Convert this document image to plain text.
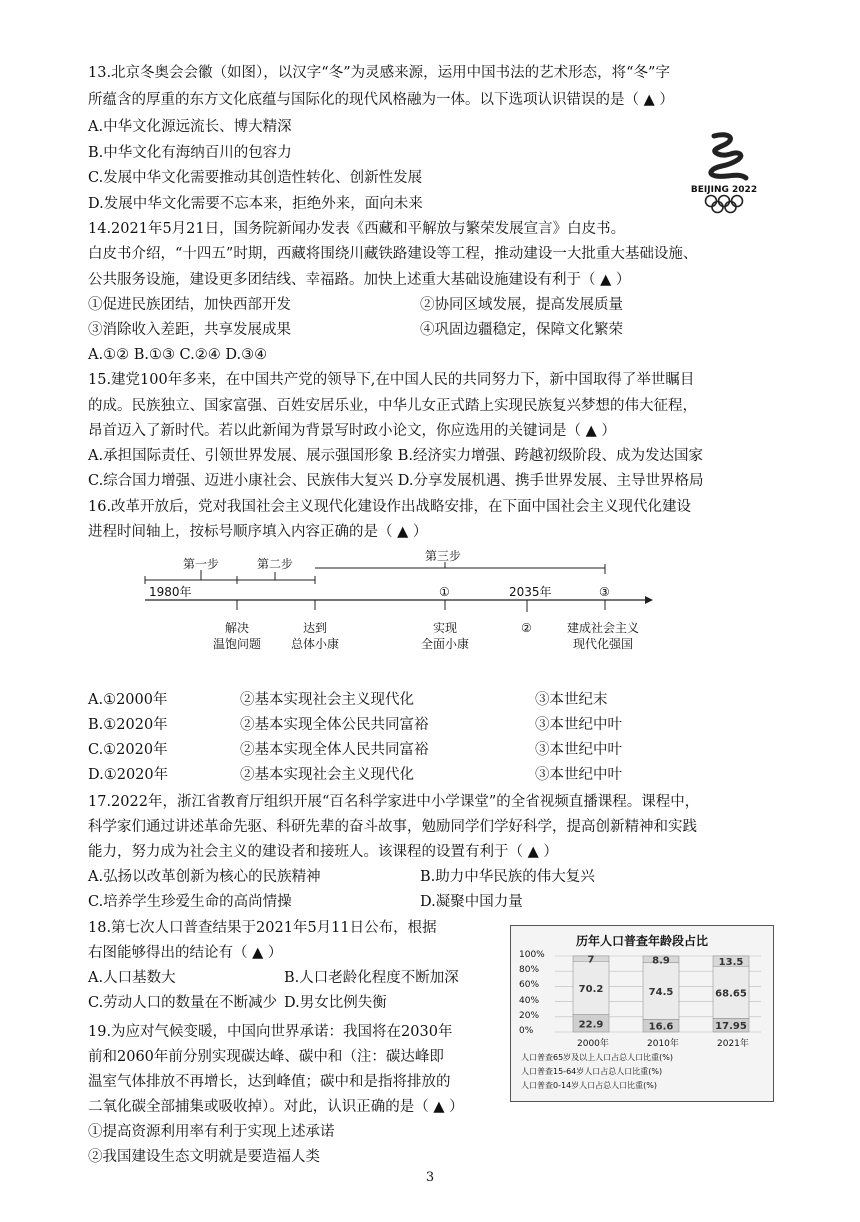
13.北京冬奥会会徽（如图），以汉字“冬”为灵感来源，运用中国书法的艺术形态，将“冬”字
所蕴含的厚重的东方文化底蕴与国际化的现代风格融为一体。以下选项认识错误的是（ ▲ ）
A.中华文化源远流长、博大精深
B.中华文化有海纳百川的包容力
C.发展中华文化需要推动其创造性转化、创新性发展
D.发展中华文化需要不忘本来，拒绝外来，面向未来
14.2021年5月21日，国务院新闻办发表《西藏和平解放与繁荣发展宣言》白皮书。
白皮书介绍，“十四五”时期，西藏将围绕川藏铁路建设等工程，推动建设一大批重大基础设施、
公共服务设施，建设更多团结线、幸福路。加快上述重大基础设施建设有利于（ ▲ ）
A.①② B.①③ C.②④ D.③④
15.建党100年多来，在中国共产党的领导下,在中国人民的共同努力下，新中国取得了举世瞩目
的成。民族独立、国家富强、百姓安居乐业，中华儿女正式踏上实现民族复兴梦想的伟大征程，
昂首迈入了新时代。若以此新闻为背景写时政小论文，你应选用的关键词是（ ▲ ）
A.承担国际责任、引领世界发展、展示强国形象 B.经济实力增强、跨越初级阶段、成为发达国家
C.综合国力增强、迈进小康社会、民族伟大复兴 D.分享发展机遇、携手世界发展、主导世界格局
16.改革开放后，党对我国社会主义现代化建设作出战略安排，在下面中国社会主义现代化建设
进程时间轴上，按标号顺序填入内容正确的是（ ▲ ）
17.2022年，浙江省教育厅组织开展“百名科学家进中小学课堂”的全省视频直播课程。课程中，
科学家们通过讲述革命先驱、科研先辈的奋斗故事，勉励同学们学好科学，提高创新精神和实践
能力，努力成为社会主义的建设者和接班人。该课程的设置有利于（ ▲ ）
18.第七次人口普查结果于2021年5月11日公布，根据
右图能够得出的结论有（ ▲ ）
19.为应对气候变暖，中国向世界承诺：我国将在2030年
前和2060年前分别实现碳达峰、碳中和（注：碳达峰即
温室气体排放不再增长，达到峰值；碳中和是指将排放的
二氧化碳全部捕集或吸收掉）。对此，认识正确的是（ ▲ ）
①提高资源利用率有利于实现上述承诺
②我国建设生态文明就是要造福人类
①促进民族团结，加快西部开发	②协同区域发展，提高发展质量
③消除收入差距，共享发展成果	④巩固边疆稳定，保障文化繁荣
A.弘扬以改革创新为核心的民族精神	B.助力中华民族的伟大复兴
C.培养学生珍爱生命的高尚情操	D.凝聚中国力量
A.人口基数大	B.人口老龄化程度不断加深
C.劳动人口的数量在不断减少 D.男女比例失衡
A.①2000年	②基本实现社会主义现代化	③本世纪末
B.①2020年	②基本实现全体公民共同富裕	③本世纪中叶
C.①2020年	②基本实现全体人民共同富裕	③本世纪中叶
D.①2020年	②基本实现社会主义现代化	③本世纪中叶
BEIJING 2022
第一步	第二步
第三步
1980年	①	2035年	③
②
解决
温饱问题
达到
总体小康
实现
全面小康
建成社会主义
现代化强国
历年人口普查年龄段占比
100%
80%
60%
40%
20%
0%
22.9
70.2
7
16.6
74.5
8.9
17.95
68.65
13.5
2000年	2010年	2021年
人口普查65岁及以上人口占总人口比重(%)
人口普查15-64岁人口占总人口比重(%)
人口普查0-14岁人口占总人口比重(%)
3
